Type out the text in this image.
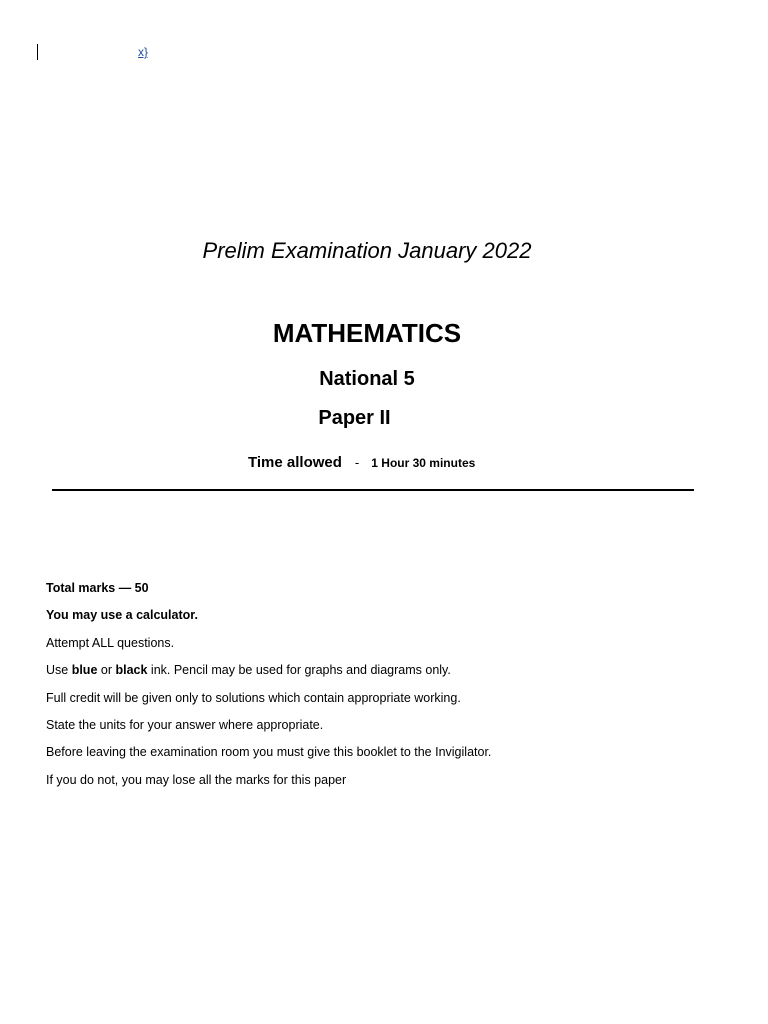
x}
Prelim Examination January 2022
MATHEMATICS
National 5
Paper II
Time allowed - 1 Hour 30 minutes
Total marks — 50
You may use a calculator.
Attempt ALL questions.
Use blue or black ink. Pencil may be used for graphs and diagrams only.
Full credit will be given only to solutions which contain appropriate working.
State the units for your answer where appropriate.
Before leaving the examination room you must give this booklet to the Invigilator.
If you do not, you may lose all the marks for this paper
